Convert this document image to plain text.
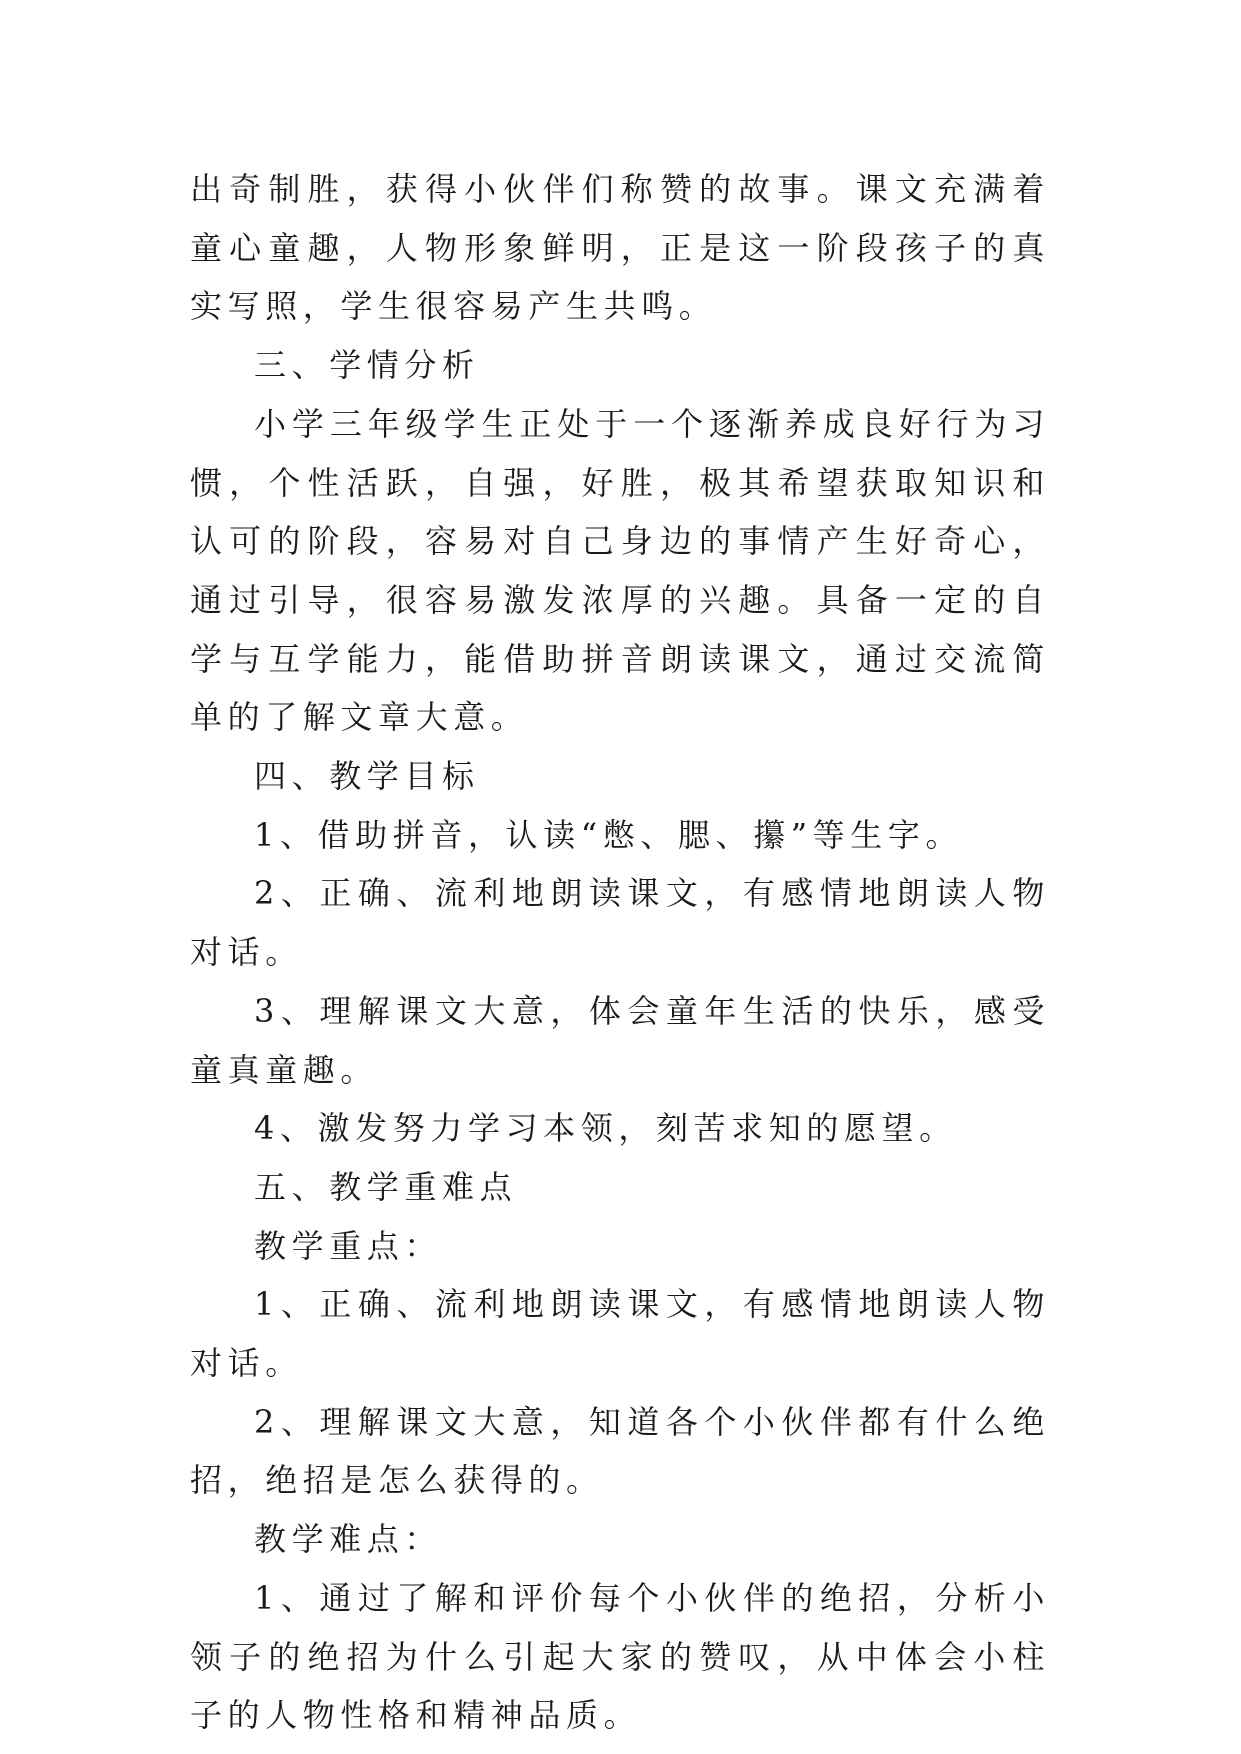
出奇制胜，获得小伙伴们称赞的故事。课文充满着童心童趣，人物形象鲜明，正是这一阶段孩子的真实写照，学生很容易产生共鸣。

三、学情分析

小学三年级学生正处于一个逐渐养成良好行为习惯，个性活跃，自强，好胜，极其希望获取知识和认可的阶段，容易对自己身边的事情产生好奇心，通过引导，很容易激发浓厚的兴趣。具备一定的自学与互学能力，能借助拼音朗读课文，通过交流简单的了解文章大意。

四、教学目标

1、借助拼音，认读“憋、腮、攥”等生字。

2、正确、流利地朗读课文，有感情地朗读人物对话。

3、理解课文大意，体会童年生活的快乐，感受童真童趣。

4、激发努力学习本领，刻苦求知的愿望。

五、教学重难点

教学重点：

1、正确、流利地朗读课文，有感情地朗读人物对话。

2、理解课文大意，知道各个小伙伴都有什么绝招，绝招是怎么获得的。

教学难点：

1、通过了解和评价每个小伙伴的绝招，分析小领子的绝招为什么引起大家的赞叹，从中体会小柱子的人物性格和精神品质。
